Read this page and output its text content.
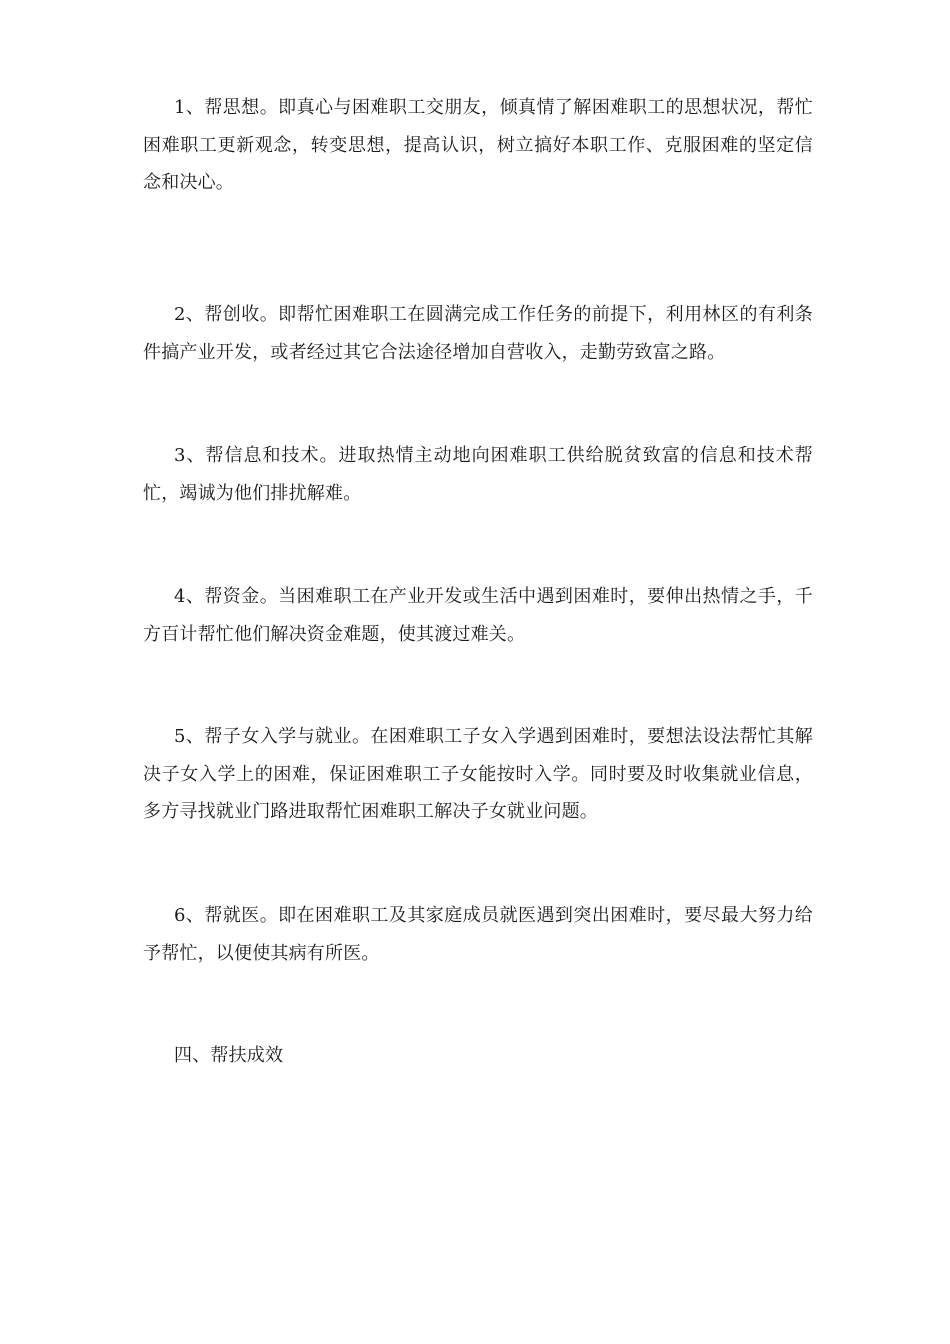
1、帮思想。即真心与困难职工交朋友，倾真情了解困难职工的思想状况，帮忙困难职工更新观念，转变思想，提高认识，树立搞好本职工作、克服困难的坚定信念和决心。

2、帮创收。即帮忙困难职工在圆满完成工作任务的前提下，利用林区的有利条件搞产业开发，或者经过其它合法途径增加自营收入，走勤劳致富之路。

3、帮信息和技术。进取热情主动地向困难职工供给脱贫致富的信息和技术帮忙，竭诚为他们排扰解难。

4、帮资金。当困难职工在产业开发或生活中遇到困难时，要伸出热情之手，千方百计帮忙他们解决资金难题，使其渡过难关。

5、帮子女入学与就业。在困难职工子女入学遇到困难时，要想法设法帮忙其解决子女入学上的困难，保证困难职工子女能按时入学。同时要及时收集就业信息，多方寻找就业门路进取帮忙困难职工解决子女就业问题。

6、帮就医。即在困难职工及其家庭成员就医遇到突出困难时，要尽最大努力给予帮忙，以便使其病有所医。

四、帮扶成效
